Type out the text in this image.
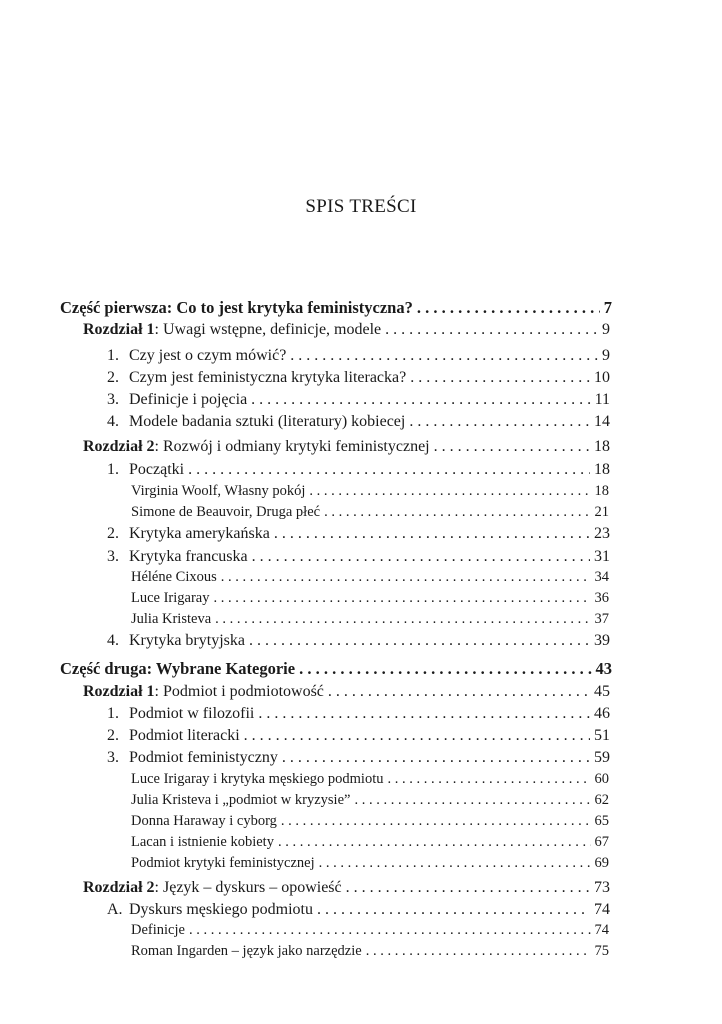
SPIS TREŚCI
Część pierwsza: Co to jest krytyka feministyczna? . . .	7
Rozdział 1: Uwagi wstępne, definicje, modele . . .	9
1. Czy jest o czym mówić? . . .	9
2. Czym jest feministyczna krytyka literacka? . . .	10
3. Definicje i pojęcia . . .	11
4. Modele badania sztuki (literatury) kobiecej . . .	14
Rozdział 2: Rozwój i odmiany krytyki feministycznej . . .	18
1. Początki . . .	18
Virginia Woolf, Własny pokój . . .	18
Simone de Beauvoir, Druga płeć . . .	21
2. Krytyka amerykańska . . .	23
3. Krytyka francuska . . .	31
Héléne Cixous . . .	34
Luce Irigaray . . .	36
Julia Kristeva . . .	37
4. Krytyka brytyjska . . .	39
Część druga: Wybrane Kategorie . . .	43
Rozdział 1: Podmiot i podmiotowość . . .	45
1. Podmiot w filozofii . . .	46
2. Podmiot literacki . . .	51
3. Podmiot feministyczny . . .	59
Luce Irigaray i krytyka męskiego podmiotu . . .	60
Julia Kristeva i „podmiot w kryzysie” . . .	62
Donna Haraway i cyborg . . .	65
Lacan i istnienie kobiety . . .	67
Podmiot krytyki feministycznej . . .	69
Rozdział 2: Język – dyskurs – opowieść . . .	73
A. Dyskurs męskiego podmiotu . . .	74
Definicje . . .	74
Roman Ingarden – język jako narzędzie . . .	75
